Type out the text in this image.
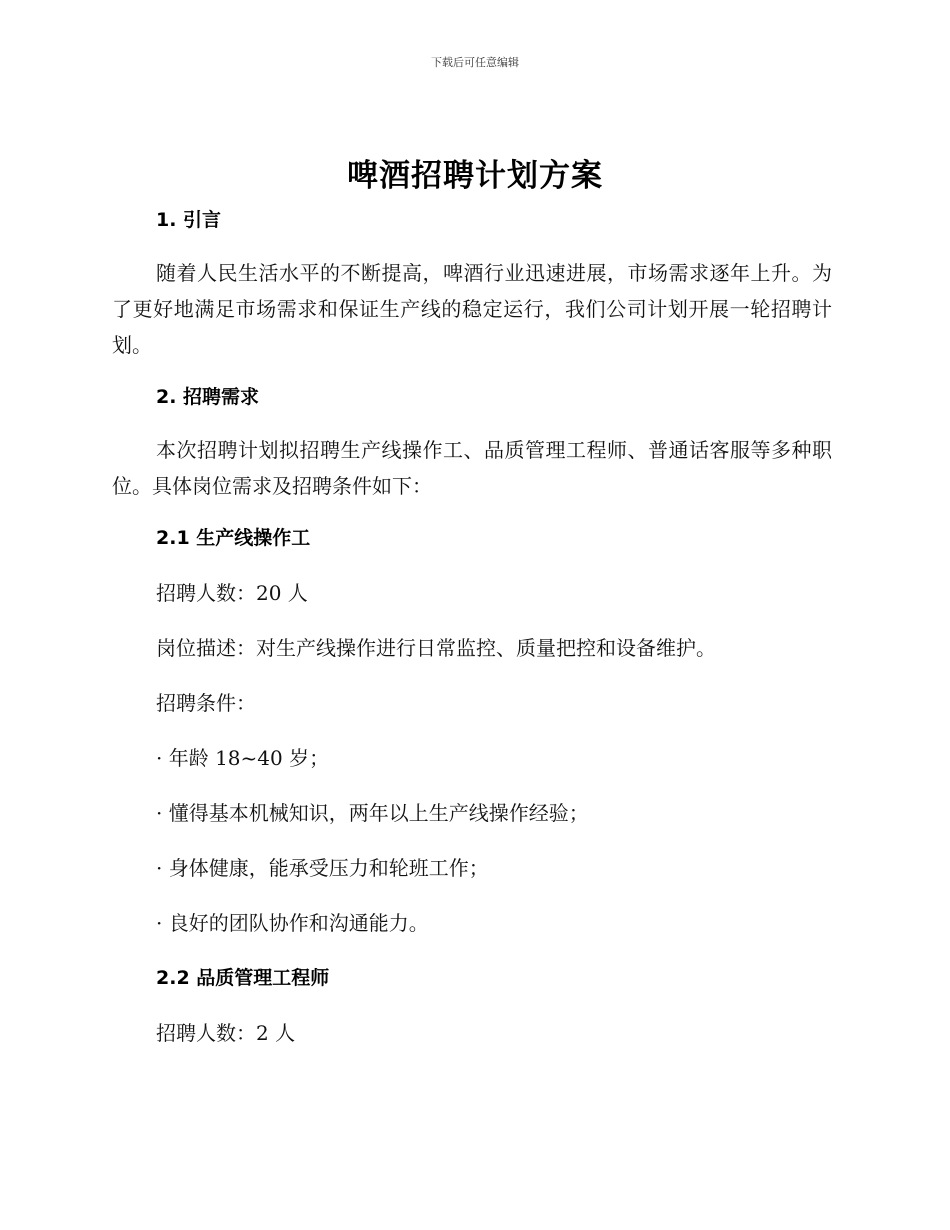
下载后可任意编辑
啤酒招聘计划方案
1. 引言

随着人民生活水平的不断提高，啤酒行业迅速进展，市场需求逐年上升。为了更好地满足市场需求和保证生产线的稳定运行，我们公司计划开展一轮招聘计划。

2. 招聘需求

本次招聘计划拟招聘生产线操作工、品质管理工程师、普通话客服等多种职位。具体岗位需求及招聘条件如下：

2.1 生产线操作工
招聘人数：20 人
岗位描述：对生产线操作进行日常监控、质量把控和设备维护。
招聘条件：
· 年龄 18~40 岁；
· 懂得基本机械知识，两年以上生产线操作经验；
· 身体健康，能承受压力和轮班工作；
· 良好的团队协作和沟通能力。
2.2 品质管理工程师
招聘人数：2 人
